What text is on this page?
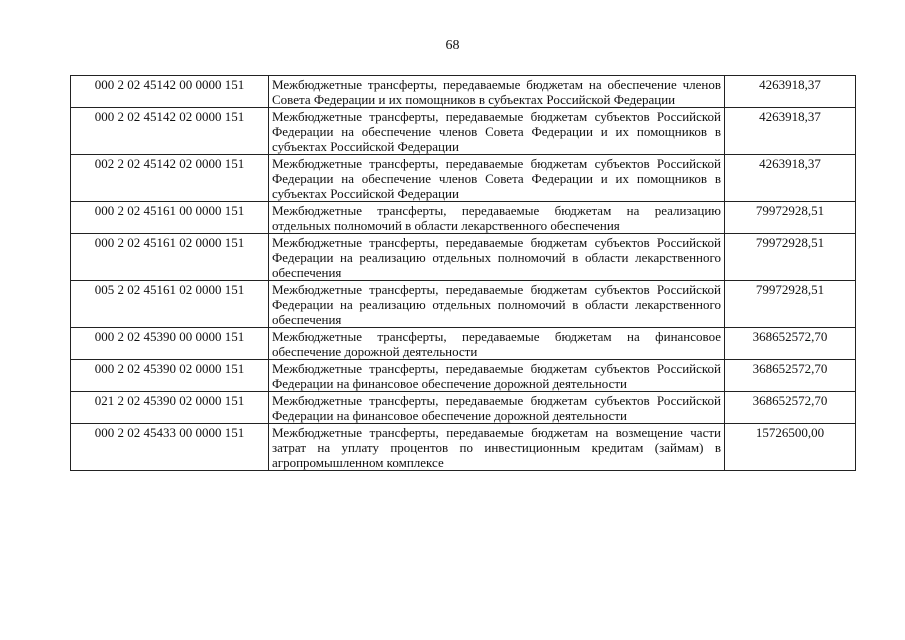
68
000 2 02 45142 00 0000 151	Межбюджетные трансферты, передаваемые бюджетам на обеспечение членов Совета Федерации и их помощников в субъектах Российской Федерации	4263918,37
000 2 02 45142 02 0000 151	Межбюджетные трансферты, передаваемые бюджетам субъектов Российской Федерации на обеспечение членов Совета Федерации и их помощников в субъектах Российской Федерации	4263918,37
002 2 02 45142 02 0000 151	Межбюджетные трансферты, передаваемые бюджетам субъектов Российской Федерации на обеспечение членов Совета Федерации и их помощников в субъектах Российской Федерации	4263918,37
000 2 02 45161 00 0000 151	Межбюджетные трансферты, передаваемые бюджетам на реализацию отдельных полномочий в области лекарственного обеспечения	79972928,51
000 2 02 45161 02 0000 151	Межбюджетные трансферты, передаваемые бюджетам субъектов Российской Федерации на реализацию отдельных полномочий в области лекарственного обеспечения	79972928,51
005 2 02 45161 02 0000 151	Межбюджетные трансферты, передаваемые бюджетам субъектов Российской Федерации на реализацию отдельных полномочий в области лекарственного обеспечения	79972928,51
000 2 02 45390 00 0000 151	Межбюджетные трансферты, передаваемые бюджетам на финансовое обеспечение дорожной деятельности	368652572,70
000 2 02 45390 02 0000 151	Межбюджетные трансферты, передаваемые бюджетам субъектов Российской Федерации на финансовое обеспечение дорожной деятельности	368652572,70
021 2 02 45390 02 0000 151	Межбюджетные трансферты, передаваемые бюджетам субъектов Российской Федерации на финансовое обеспечение дорожной деятельности	368652572,70
000 2 02 45433 00 0000 151	Межбюджетные трансферты, передаваемые бюджетам на возмещение части затрат на уплату процентов по инвестиционным кредитам (займам) в агропромышленном комплексе	15726500,00
